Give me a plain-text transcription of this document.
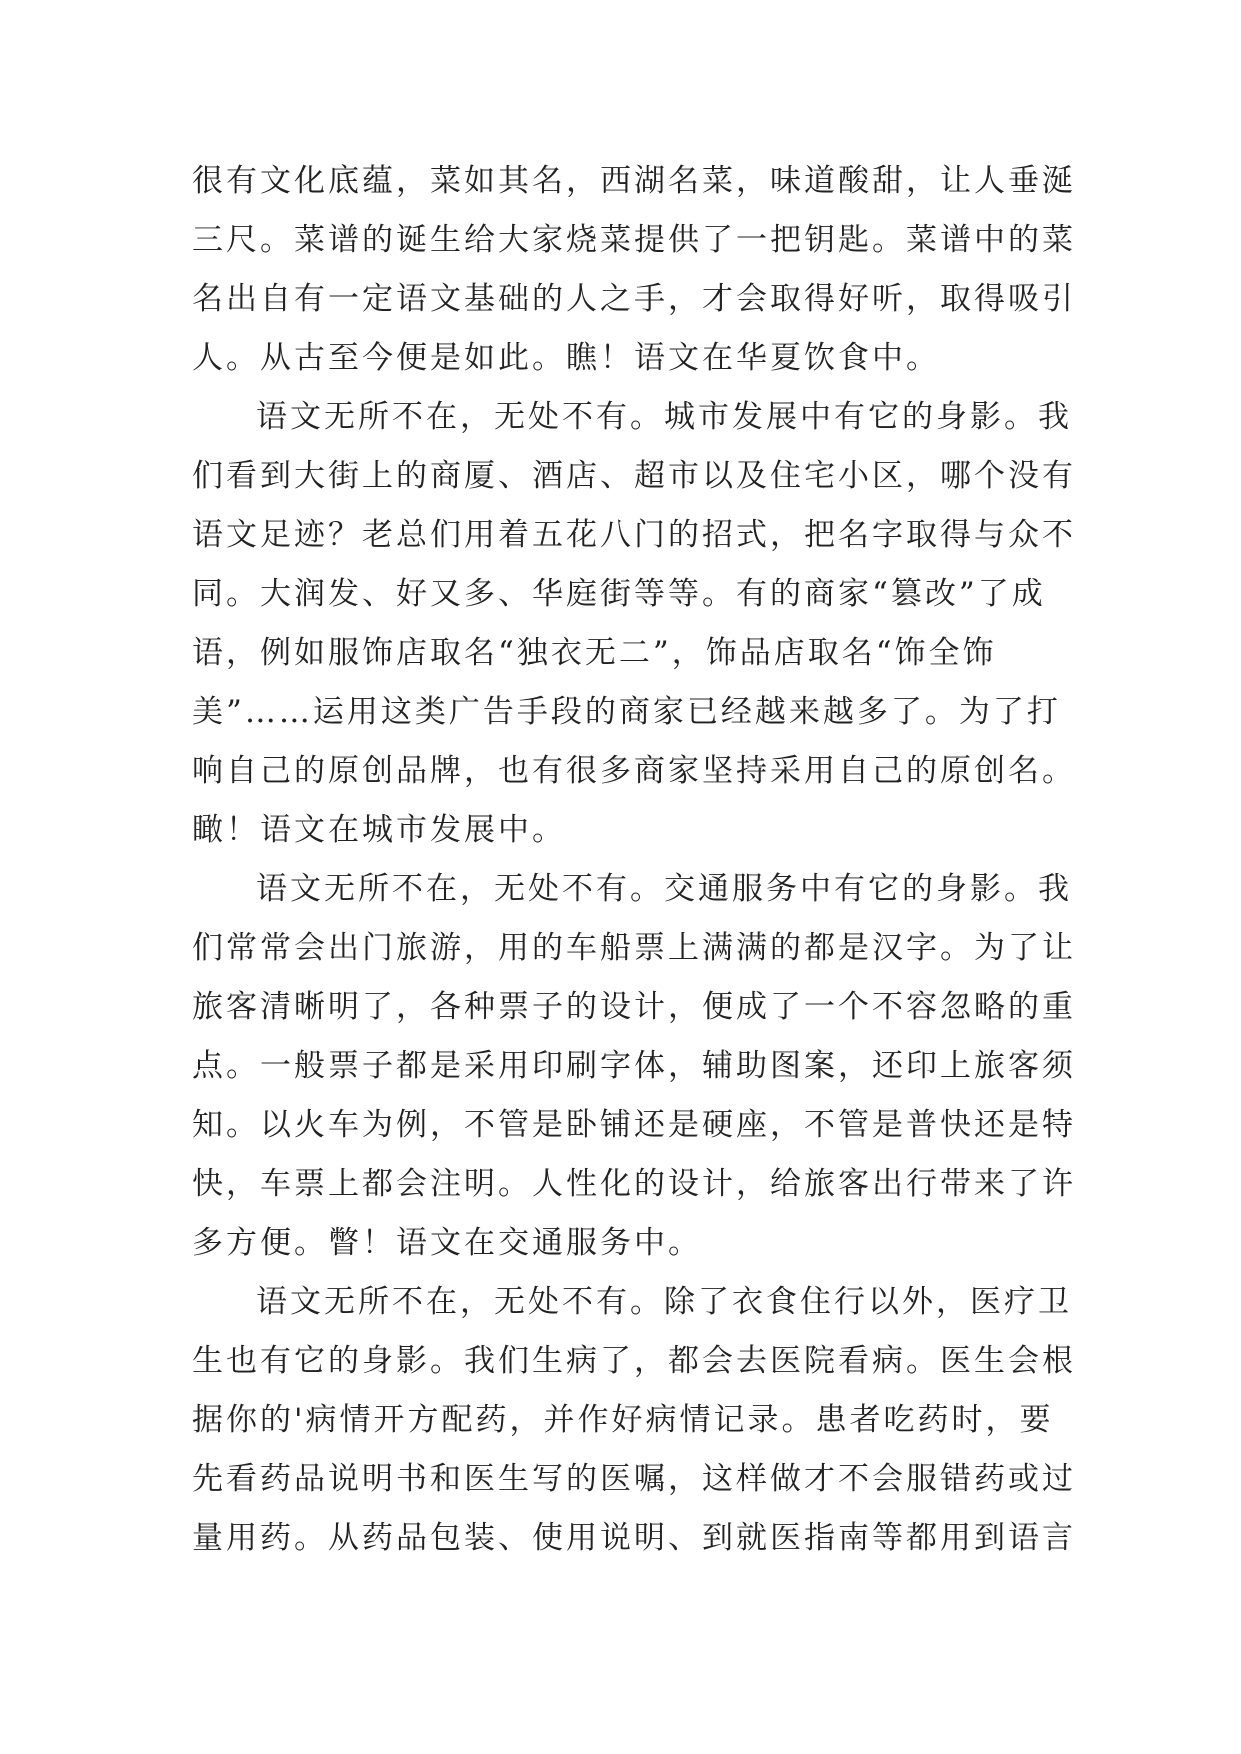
很有文化底蕴，菜如其名，西湖名菜，味道酸甜，让人垂涎
三尺。菜谱的诞生给大家烧菜提供了一把钥匙。菜谱中的菜
名出自有一定语文基础的人之手，才会取得好听，取得吸引
人。从古至今便是如此。瞧！语文在华夏饮食中。
语文无所不在，无处不有。城市发展中有它的身影。我
们看到大街上的商厦、酒店、超市以及住宅小区，哪个没有
语文足迹？老总们用着五花八门的招式，把名字取得与众不
同。大润发、好又多、华庭街等等。有的商家“篡改”了成
语，例如服饰店取名“独衣无二”，饰品店取名“饰全饰
美”……运用这类广告手段的商家已经越来越多了。为了打
响自己的原创品牌，也有很多商家坚持采用自己的原创名。
瞰！语文在城市发展中。
语文无所不在，无处不有。交通服务中有它的身影。我
们常常会出门旅游，用的车船票上满满的都是汉字。为了让
旅客清晰明了，各种票子的设计，便成了一个不容忽略的重
点。一般票子都是采用印刷字体，辅助图案，还印上旅客须
知。以火车为例，不管是卧铺还是硬座，不管是普快还是特
快，车票上都会注明。人性化的设计，给旅客出行带来了许
多方便。瞥！语文在交通服务中。
语文无所不在，无处不有。除了衣食住行以外，医疗卫
生也有它的身影。我们生病了，都会去医院看病。医生会根
据你的'病情开方配药，并作好病情记录。患者吃药时，要
先看药品说明书和医生写的医嘱，这样做才不会服错药或过
量用药。从药品包装、使用说明、到就医指南等都用到语言
